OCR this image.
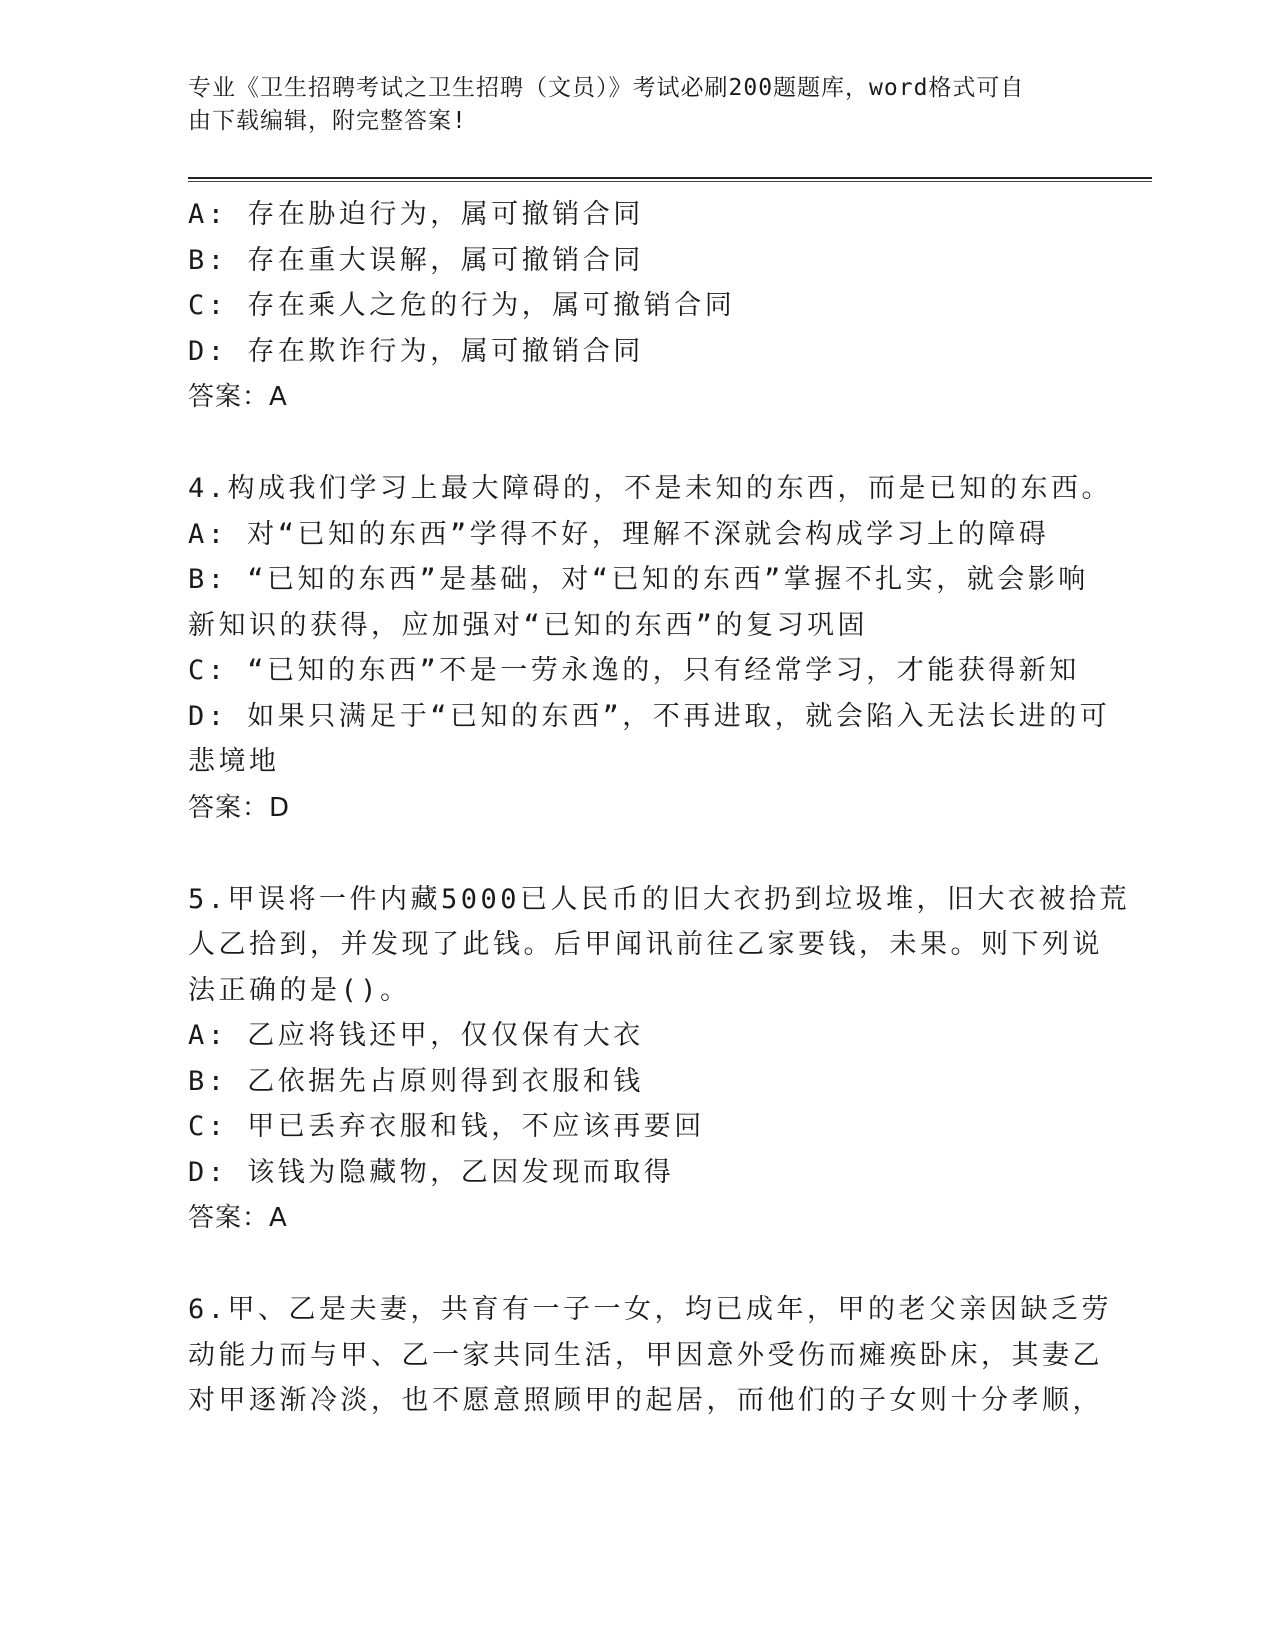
专业《卫生招聘考试之卫生招聘（文员）》考试必刷200题题库，word格式可自
由下载编辑，附完整答案!
A: 存在胁迫行为，属可撤销合同
B: 存在重大误解，属可撤销合同
C: 存在乘人之危的行为，属可撤销合同
D: 存在欺诈行为，属可撤销合同
答案：A
4.构成我们学习上最大障碍的，不是未知的东西，而是已知的东西。
A: 对“已知的东西”学得不好，理解不深就会构成学习上的障碍
B: “已知的东西”是基础，对“已知的东西”掌握不扎实，就会影响
新知识的获得，应加强对“已知的东西”的复习巩固
C: “已知的东西”不是一劳永逸的，只有经常学习，才能获得新知
D: 如果只满足于“已知的东西”，不再进取，就会陷入无法长进的可
悲境地
答案：D
5.甲误将一件内藏5000已人民币的旧大衣扔到垃圾堆，旧大衣被拾荒
人乙拾到，并发现了此钱。后甲闻讯前往乙家要钱，未果。则下列说
法正确的是()。
A: 乙应将钱还甲，仅仅保有大衣
B: 乙依据先占原则得到衣服和钱
C: 甲已丢弃衣服和钱，不应该再要回
D: 该钱为隐藏物，乙因发现而取得
答案：A
6.甲、乙是夫妻，共育有一子一女，均已成年，甲的老父亲因缺乏劳
动能力而与甲、乙一家共同生活，甲因意外受伤而瘫痪卧床，其妻乙
对甲逐渐冷淡，也不愿意照顾甲的起居，而他们的子女则十分孝顺，
